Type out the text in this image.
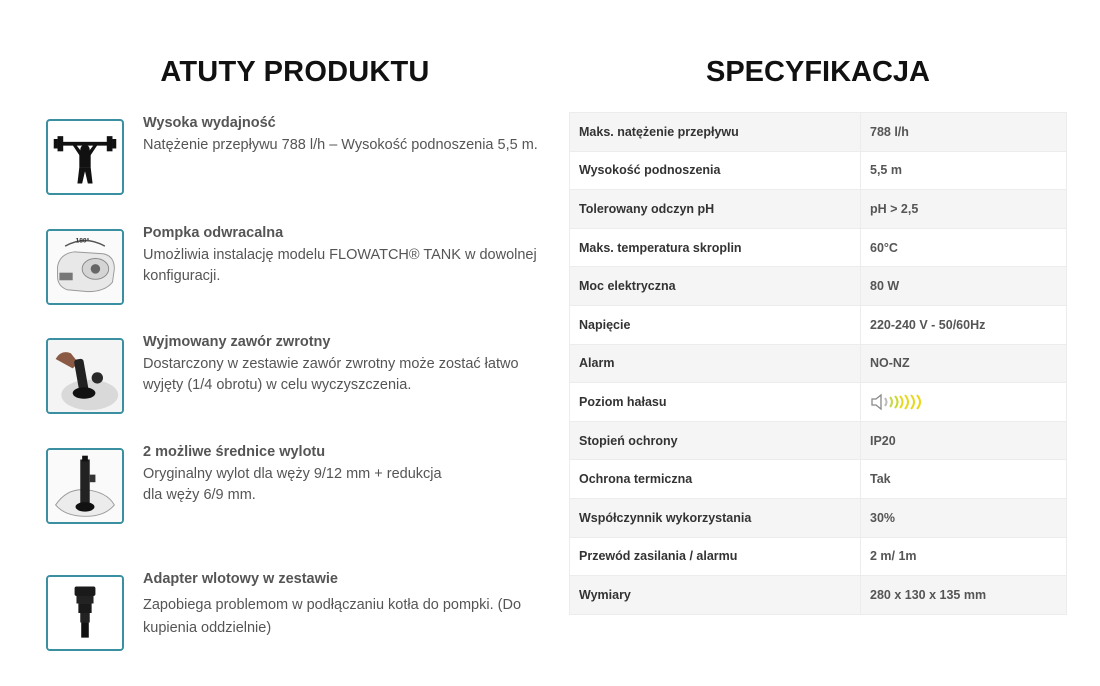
ATUTY PRODUKTU
Wysoka wydajność
Natężenie przepływu 788 l/h – Wysokość podnoszenia 5,5 m.
180°	Pompka odwracalna
Umożliwia instalację modelu FLOWATCH® TANK w dowolnej konfiguracji.
Wyjmowany zawór zwrotny
Dostarczony w zestawie zawór zwrotny może zostać łatwo wyjęty (1/4 obrotu) w celu wyczyszczenia.
2 możliwe średnice wylotu
Oryginalny wylot dla węży 9/12 mm + redukcja
dla węży 6/9 mm.
Adapter wlotowy w zestawie
Zapobiega problemom w podłączaniu kotła do pompki. (Do kupienia oddzielnie)
SPECYFIKACJA
Maks. natężenie przepływu	788 l/h
Wysokość podnoszenia	5,5 m
Tolerowany odczyn pH	pH > 2,5
Maks. temperatura skroplin	60°C
Moc elektryczna	80 W
Napięcie	220-240 V - 50/60Hz
Alarm	NO-NZ
Poziom hałasu	
Stopień ochrony	IP20
Ochrona termiczna	Tak
Współczynnik wykorzystania	30%
Przewód zasilania / alarmu	2 m/ 1m
Wymiary	280 x 130 x 135 mm
